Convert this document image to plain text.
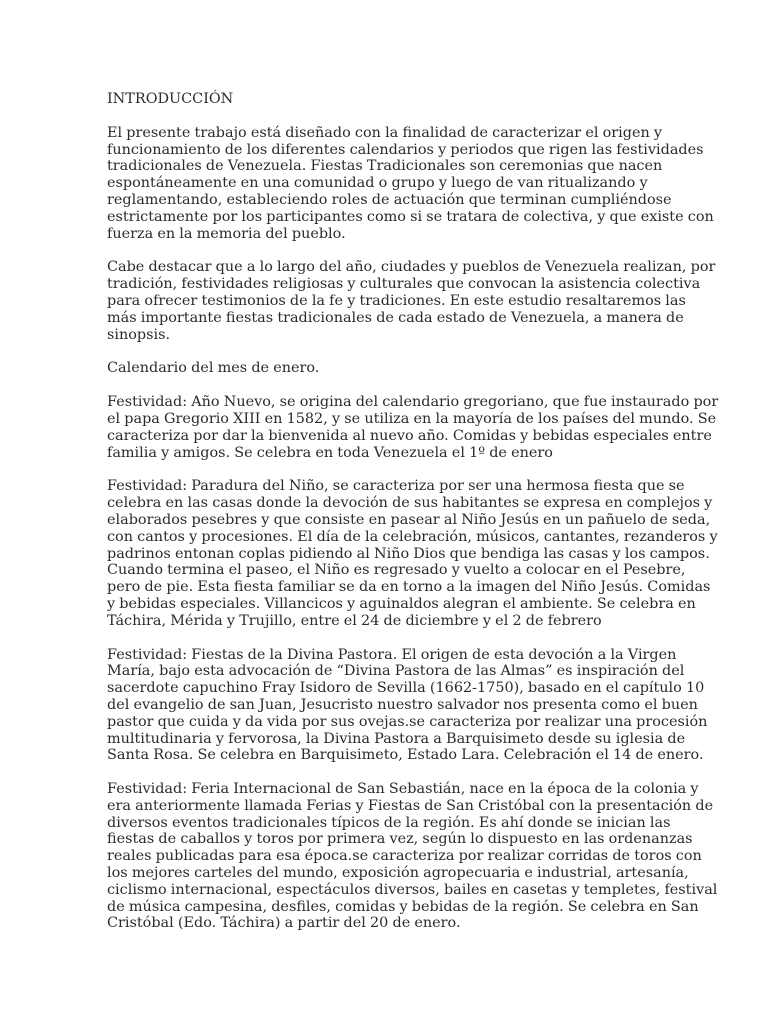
INTRODUCCIÓN

El presente trabajo está diseñado con la finalidad de caracterizar el origen y funcionamiento de los diferentes calendarios y periodos que rigen las festividades tradicionales de Venezuela. Fiestas Tradicionales son ceremonias que nacen espontáneamente en una comunidad o grupo y luego de van ritualizando y reglamentando, estableciendo roles de actuación que terminan cumpliéndose estrictamente por los participantes como si se tratara de colectiva, y que existe con fuerza en la memoria del pueblo.

Cabe destacar que a lo largo del año, ciudades y pueblos de Venezuela realizan, por tradición, festividades religiosas y culturales que convocan la asistencia colectiva para ofrecer testimonios de la fe y tradiciones. En este estudio resaltaremos las más importante fiestas tradicionales de cada estado de Venezuela, a manera de sinopsis.

Calendario del mes de enero.

Festividad: Año Nuevo, se origina del calendario gregoriano, que fue instaurado por el papa Gregorio XIII en 1582, y se utiliza en la mayoría de los países del mundo. Se caracteriza por dar la bienvenida al nuevo año. Comidas y bebidas especiales entre familia y amigos. Se celebra en toda Venezuela el 1º de enero

Festividad: Paradura del Niño, se caracteriza por ser una hermosa fiesta que se celebra en las casas donde la devoción de sus habitantes se expresa en complejos y elaborados pesebres y que consiste en pasear al Niño Jesús en un pañuelo de seda, con cantos y procesiones. El día de la celebración, músicos, cantantes, rezanderos y padrinos entonan coplas pidiendo al Niño Dios que bendiga las casas y los campos. Cuando termina el paseo, el Niño es regresado y vuelto a colocar en el Pesebre, pero de pie. Esta fiesta familiar se da en torno a la imagen del Niño Jesús. Comidas y bebidas especiales. Villancicos y aguinaldos alegran el ambiente. Se celebra en Táchira, Mérida y Trujillo, entre el 24 de diciembre y el 2 de febrero

Festividad: Fiestas de la Divina Pastora. El origen de esta devoción a la Virgen María, bajo esta advocación de “Divina Pastora de las Almas” es inspiración del sacerdote capuchino Fray Isidoro de Sevilla (1662-1750), basado en el capítulo 10 del evangelio de san Juan, Jesucristo nuestro salvador nos presenta como el buen pastor que cuida y da vida por sus ovejas.se caracteriza por realizar una procesión multitudinaria y fervorosa, la Divina Pastora a Barquisimeto desde su iglesia de Santa Rosa. Se celebra en Barquisimeto, Estado Lara. Celebración el 14 de enero.

Festividad: Feria Internacional de San Sebastián, nace en la época de la colonia y era anteriormente llamada Ferias y Fiestas de San Cristóbal con la presentación de diversos eventos tradicionales típicos de la región. Es ahí donde se inician las fiestas de caballos y toros por primera vez, según lo dispuesto en las ordenanzas reales publicadas para esa época.se caracteriza por realizar corridas de toros con los mejores carteles del mundo, exposición agropecuaria e industrial, artesanía, ciclismo internacional, espectáculos diversos, bailes en casetas y templetes, festival de música campesina, desfiles, comidas y bebidas de la región. Se celebra en San Cristóbal (Edo. Táchira) a partir del 20 de enero.
